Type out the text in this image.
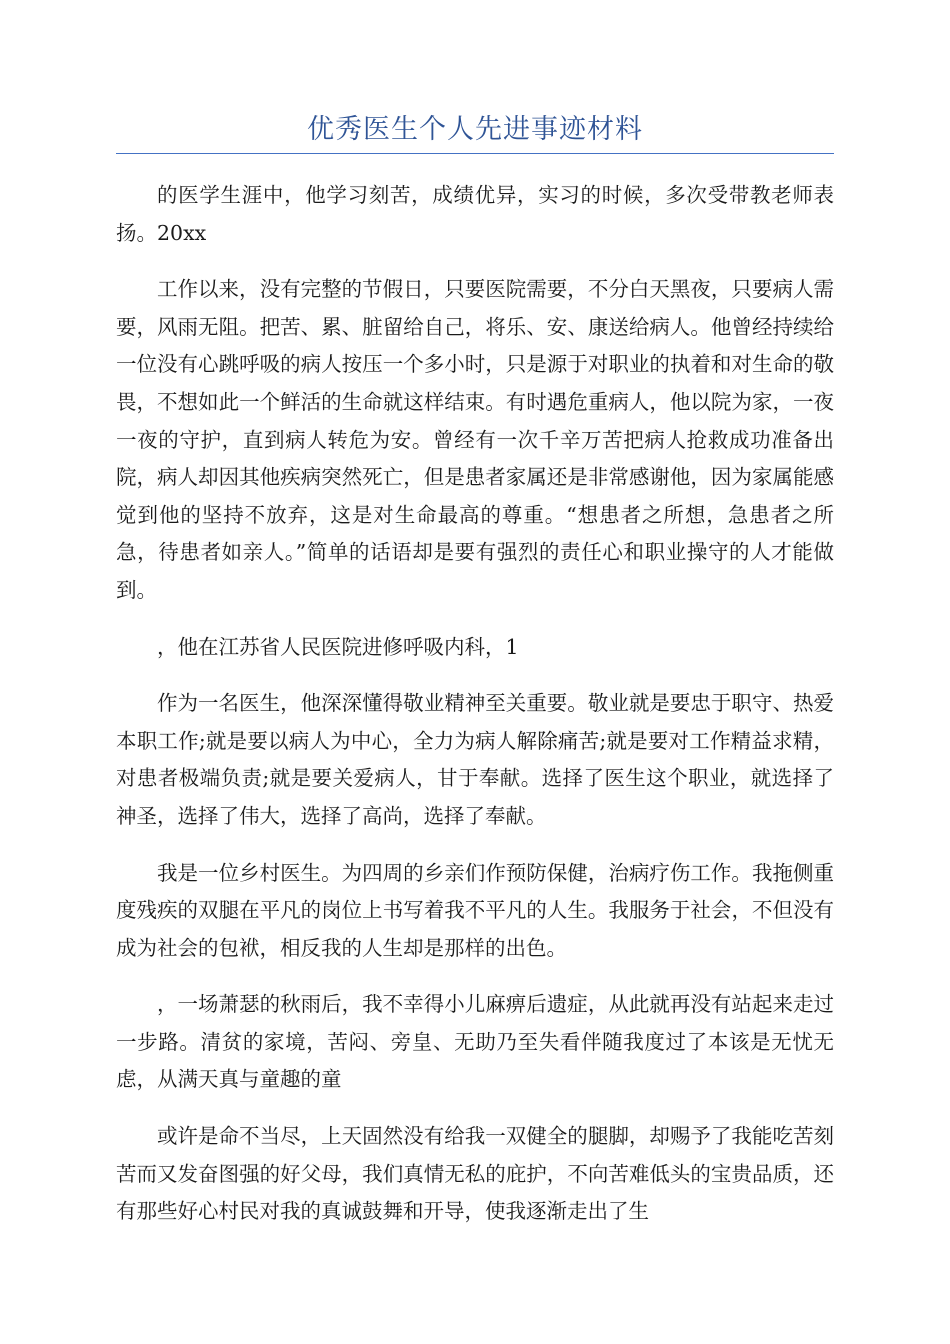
优秀医生个人先进事迹材料

的医学生涯中，他学习刻苦，成绩优异，实习的时候，多次受带教老师表扬。20xx

工作以来，没有完整的节假日，只要医院需要，不分白天黑夜，只要病人需要，风雨无阻。把苦、累、脏留给自己，将乐、安、康送给病人。他曾经持续给一位没有心跳呼吸的病人按压一个多小时，只是源于对职业的执着和对生命的敬畏，不想如此一个鲜活的生命就这样结束。有时遇危重病人，他以院为家，一夜一夜的守护，直到病人转危为安。曾经有一次千辛万苦把病人抢救成功准备出院，病人却因其他疾病突然死亡，但是患者家属还是非常感谢他，因为家属能感觉到他的坚持不放弃，这是对生命最高的尊重。“想患者之所想，急患者之所急，待患者如亲人。”简单的话语却是要有强烈的责任心和职业操守的人才能做到。

，他在江苏省人民医院进修呼吸内科，1

作为一名医生，他深深懂得敬业精神至关重要。敬业就是要忠于职守、热爱本职工作;就是要以病人为中心，全力为病人解除痛苦;就是要对工作精益求精，对患者极端负责;就是要关爱病人，甘于奉献。选择了医生这个职业，就选择了神圣，选择了伟大，选择了高尚，选择了奉献。

我是一位乡村医生。为四周的乡亲们作预防保健，治病疗伤工作。我拖侧重度残疾的双腿在平凡的岗位上书写着我不平凡的人生。我服务于社会，不但没有成为社会的包袱，相反我的人生却是那样的出色。

，一场萧瑟的秋雨后，我不幸得小儿麻痹后遗症，从此就再没有站起来走过一步路。清贫的家境，苦闷、旁皇、无助乃至失看伴随我度过了本该是无忧无虑，从满天真与童趣的童

或许是命不当尽，上天固然没有给我一双健全的腿脚，却赐予了我能吃苦刻苦而又发奋图强的好父母，我们真情无私的庇护，不向苦难低头的宝贵品质，还有那些好心村民对我的真诚鼓舞和开导，使我逐渐走出了生
